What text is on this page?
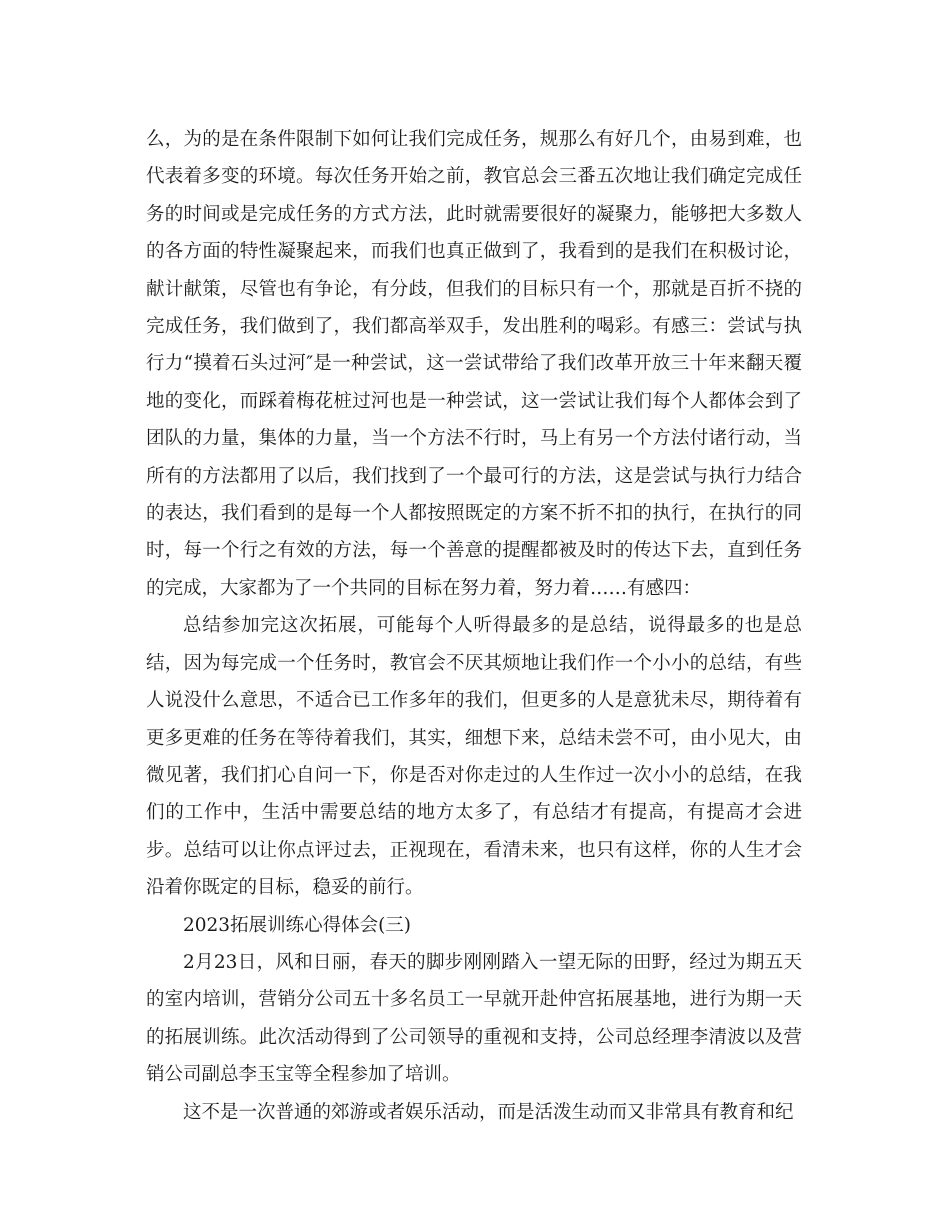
么，为的是在条件限制下如何让我们完成任务，规那么有好几个，由易到难，也代表着多变的环境。每次任务开始之前，教官总会三番五次地让我们确定完成任务的时间或是完成任务的方式方法，此时就需要很好的凝聚力，能够把大多数人的各方面的特性凝聚起来，而我们也真正做到了，我看到的是我们在积极讨论，献计献策，尽管也有争论，有分歧，但我们的目标只有一个，那就是百折不挠的完成任务，我们做到了，我们都高举双手，发出胜利的喝彩。有感三：尝试与执行力“摸着石头过河″是一种尝试，这一尝试带给了我们改革开放三十年来翻天覆地的变化，而踩着梅花桩过河也是一种尝试，这一尝试让我们每个人都体会到了团队的力量，集体的力量，当一个方法不行时，马上有另一个方法付诸行动，当所有的方法都用了以后，我们找到了一个最可行的方法，这是尝试与执行力结合的表达，我们看到的是每一个人都按照既定的方案不折不扣的执行，在执行的同时，每一个行之有效的方法，每一个善意的提醒都被及时的传达下去，直到任务的完成，大家都为了一个共同的目标在努力着，努力着……有感四：

总结参加完这次拓展，可能每个人听得最多的是总结，说得最多的也是总结，因为每完成一个任务时，教官会不厌其烦地让我们作一个小小的总结，有些人说没什么意思，不适合已工作多年的我们，但更多的人是意犹未尽，期待着有更多更难的任务在等待着我们，其实，细想下来，总结未尝不可，由小见大，由微见著，我们扪心自问一下，你是否对你走过的人生作过一次小小的总结，在我们的工作中，生活中需要总结的地方太多了，有总结才有提高，有提高才会进步。总结可以让你点评过去，正视现在，看清未来，也只有这样，你的人生才会沿着你既定的目标，稳妥的前行。

2023拓展训练心得体会(三)

2月23日，风和日丽，春天的脚步刚刚踏入一望无际的田野，经过为期五天的室内培训，营销分公司五十多名员工一早就开赴仲宫拓展基地，进行为期一天的拓展训练。此次活动得到了公司领导的重视和支持，公司总经理李清波以及营销公司副总李玉宝等全程参加了培训。

这不是一次普通的郊游或者娱乐活动，而是活泼生动而又非常具有教育和纪
